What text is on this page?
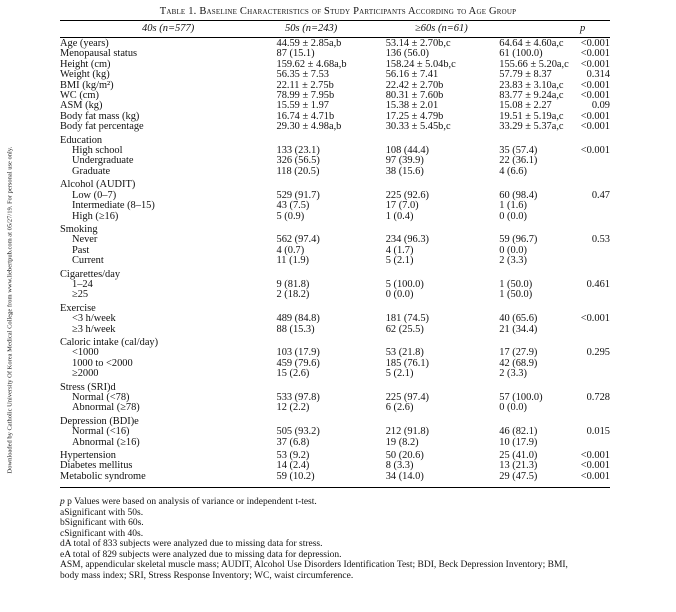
Downloaded by Catholic University Of Korea Medical College from www.liebertpub.com at 05/27/19. For personal use only.
Table 1. Baseline Characteristics of Study Participants According to Age Group
40s (n=577)	50s (n=243)	≥60s (n=61)	p
Age (years)	44.59 ± 2.85a,b	53.14 ± 2.70b,c	64.64 ± 4.60a,c	<0.001
Menopausal status	87 (15.1)	136 (56.0)	61 (100.0)	<0.001
Height (cm)	159.62 ± 4.68a,b	158.24 ± 5.04b,c	155.66 ± 5.20a,c	<0.001
Weight (kg)	56.35 ± 7.53	56.16 ± 7.41	57.79 ± 8.37	0.314
BMI (kg/m²)	22.11 ± 2.75b	22.42 ± 2.70b	23.83 ± 3.10a,c	<0.001
WC (cm)	78.99 ± 7.95b	80.31 ± 7.60b	83.77 ± 9.24a,c	<0.001
ASM (kg)	15.59 ± 1.97	15.38 ± 2.01	15.08 ± 2.27	0.09
Body fat mass (kg)	16.74 ± 4.71b	17.25 ± 4.79b	19.51 ± 5.19a,c	<0.001
Body fat percentage	29.30 ± 4.98a,b	30.33 ± 5.45b,c	33.29 ± 5.37a,c	<0.001
Education				
High school	133 (23.1)	108 (44.4)	35 (57.4)	<0.001
Undergraduate	326 (56.5)	97 (39.9)	22 (36.1)	
Graduate	118 (20.5)	38 (15.6)	4 (6.6)	
Alcohol (AUDIT)				
Low (0–7)	529 (91.7)	225 (92.6)	60 (98.4)	0.47
Intermediate (8–15)	43 (7.5)	17 (7.0)	1 (1.6)	
High (≥16)	5 (0.9)	1 (0.4)	0 (0.0)	
Smoking				
Never	562 (97.4)	234 (96.3)	59 (96.7)	0.53
Past	4 (0.7)	4 (1.7)	0 (0.0)	
Current	11 (1.9)	5 (2.1)	2 (3.3)	
Cigarettes/day				
1–24	9 (81.8)	5 (100.0)	1 (50.0)	0.461
≥25	2 (18.2)	0 (0.0)	1 (50.0)	
Exercise				
<3 h/week	489 (84.8)	181 (74.5)	40 (65.6)	<0.001
≥3 h/week	88 (15.3)	62 (25.5)	21 (34.4)	
Caloric intake (cal/day)				
<1000	103 (17.9)	53 (21.8)	17 (27.9)	0.295
1000 to <2000	459 (79.6)	185 (76.1)	42 (68.9)	
≥2000	15 (2.6)	5 (2.1)	2 (3.3)	
Stress (SRI)d				
Normal (<78)	533 (97.8)	225 (97.4)	57 (100.0)	0.728
Abnormal (≥78)	12 (2.2)	6 (2.6)	0 (0.0)	
Depression (BDI)e				
Normal (<16)	505 (93.2)	212 (91.8)	46 (82.1)	0.015
Abnormal (≥16)	37 (6.8)	19 (8.2)	10 (17.9)	
Hypertension	53 (9.2)	50 (20.6)	25 (41.0)	<0.001
Diabetes mellitus	14 (2.4)	8 (3.3)	13 (21.3)	<0.001
Metabolic syndrome	59 (10.2)	34 (14.0)	29 (47.5)	<0.001
p p Values were based on analysis of variance or independent t-test.
aSignificant with 50s.
bSignificant with 60s.
cSignificant with 40s.
dA total of 833 subjects were analyzed due to missing data for stress.
eA total of 829 subjects were analyzed due to missing data for depression.
ASM, appendicular skeletal muscle mass; AUDIT, Alcohol Use Disorders Identification Test; BDI, Beck Depression Inventory; BMI,
body mass index; SRI, Stress Response Inventory; WC, waist circumference.
